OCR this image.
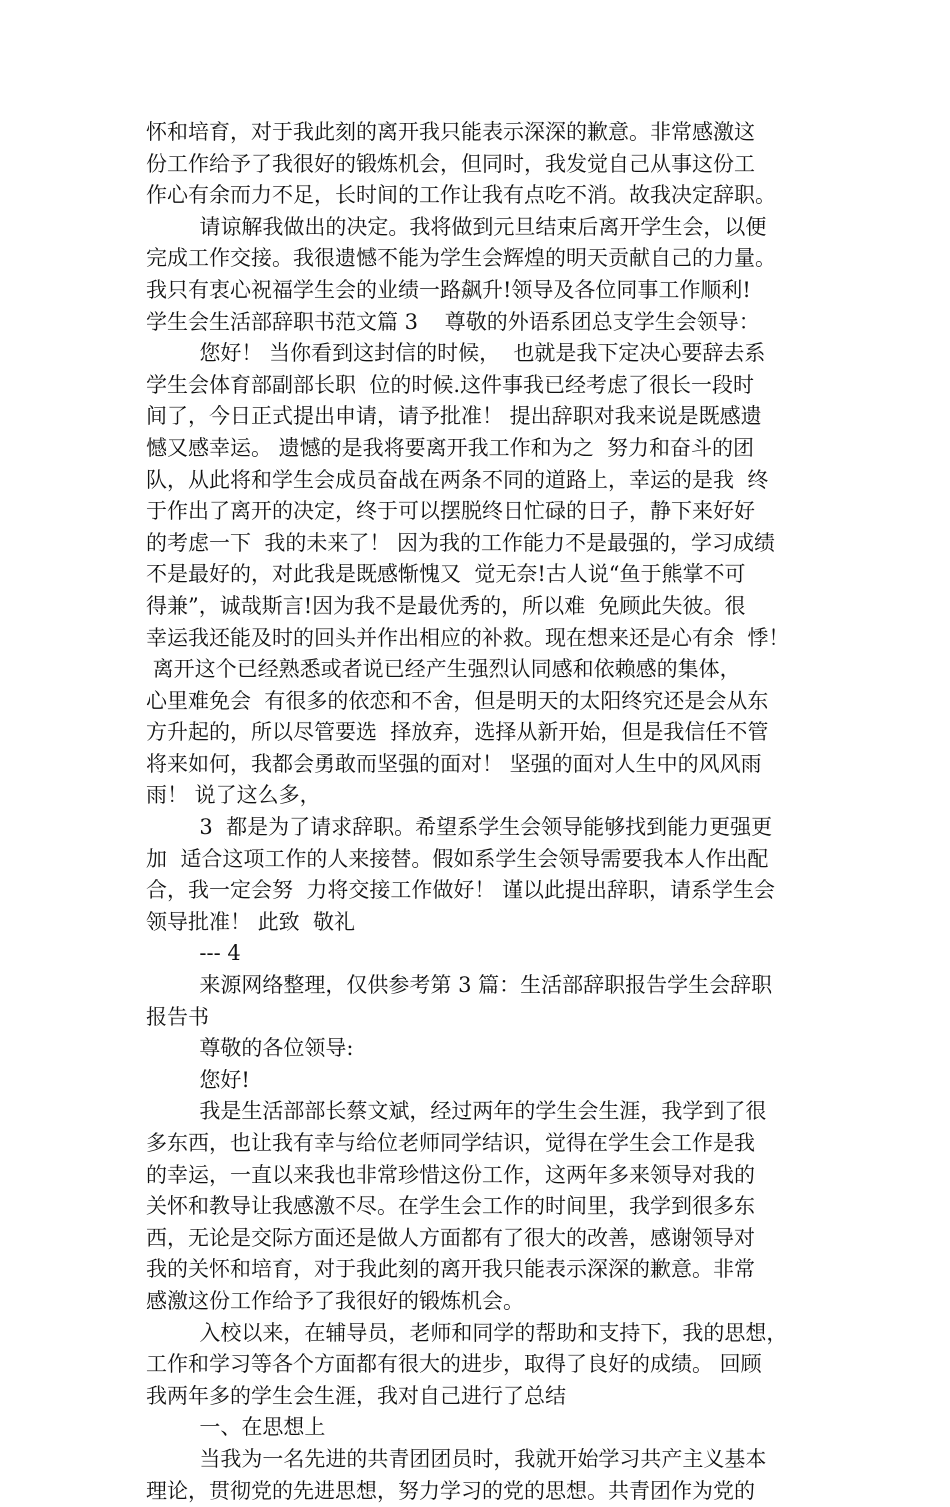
怀和培育，对于我此刻的离开我只能表示深深的歉意。非常感激这
份工作给予了我很好的锻炼机会，但同时，我发觉自己从事这份工
作心有余而力不足，长时间的工作让我有点吃不消。故我决定辞职。
请谅解我做出的决定。我将做到元旦结束后离开学生会，以便
完成工作交接。我很遗憾不能为学生会辉煌的明天贡献自己的力量。
我只有衷心祝福学生会的业绩一路飙升!领导及各位同事工作顺利!
学生会生活部辞职书范文篇 3    尊敬的外语系团总支学生会领导：
您好！ 当你看到这封信的时候，  也就是我下定决心要辞去系
学生会体育部副部长职  位的时候.这件事我已经考虑了很长一段时
间了，今日正式提出申请，请予批准！ 提出辞职对我来说是既感遗
憾又感幸运。 遗憾的是我将要离开我工作和为之  努力和奋斗的团
队，从此将和学生会成员奋战在两条不同的道路上，幸运的是我  终
于作出了离开的决定，终于可以摆脱终日忙碌的日子，静下来好好
的考虑一下  我的未来了！ 因为我的工作能力不是最强的，学习成绩
不是最好的，对此我是既感惭愧又  觉无奈!古人说“鱼于熊掌不可
得兼”，诚哉斯言!因为我不是最优秀的，所以难  免顾此失彼。很
幸运我还能及时的回头并作出相应的补救。现在想来还是心有余  悸！
离开这个已经熟悉或者说已经产生强烈认同感和依赖感的集体，
心里难免会  有很多的依恋和不舍，但是明天的太阳终究还是会从东
方升起的，所以尽管要选  择放弃，选择从新开始，但是我信任不管
将来如何，我都会勇敢而坚强的面对！ 坚强的面对人生中的风风雨
雨！ 说了这么多，
3  都是为了请求辞职。希望系学生会领导能够找到能力更强更
加  适合这项工作的人来接替。假如系学生会领导需要我本人作出配
合，我一定会努  力将交接工作做好！ 谨以此提出辞职，请系学生会
领导批准！ 此致  敬礼
--- 4
来源网络整理，仅供参考第 3 篇：生活部辞职报告学生会辞职
报告书
尊敬的各位领导:
您好!
我是生活部部长蔡文斌，经过两年的学生会生涯，我学到了很
多东西，也让我有幸与给位老师同学结识，觉得在学生会工作是我
的幸运，一直以来我也非常珍惜这份工作，这两年多来领导对我的
关怀和教导让我感激不尽。在学生会工作的时间里，我学到很多东
西，无论是交际方面还是做人方面都有了很大的改善，感谢领导对
我的关怀和培育，对于我此刻的离开我只能表示深深的歉意。非常
感激这份工作给予了我很好的锻炼机会。
入校以来，在辅导员，老师和同学的帮助和支持下，我的思想，
工作和学习等各个方面都有很大的进步，取得了良好的成绩。 回顾
我两年多的学生会生涯，我对自己进行了总结
一、在思想上
当我为一名先进的共青团团员时，我就开始学习共产主义基本
理论，贯彻党的先进思想，努力学习的党的思想。共青团作为党的
